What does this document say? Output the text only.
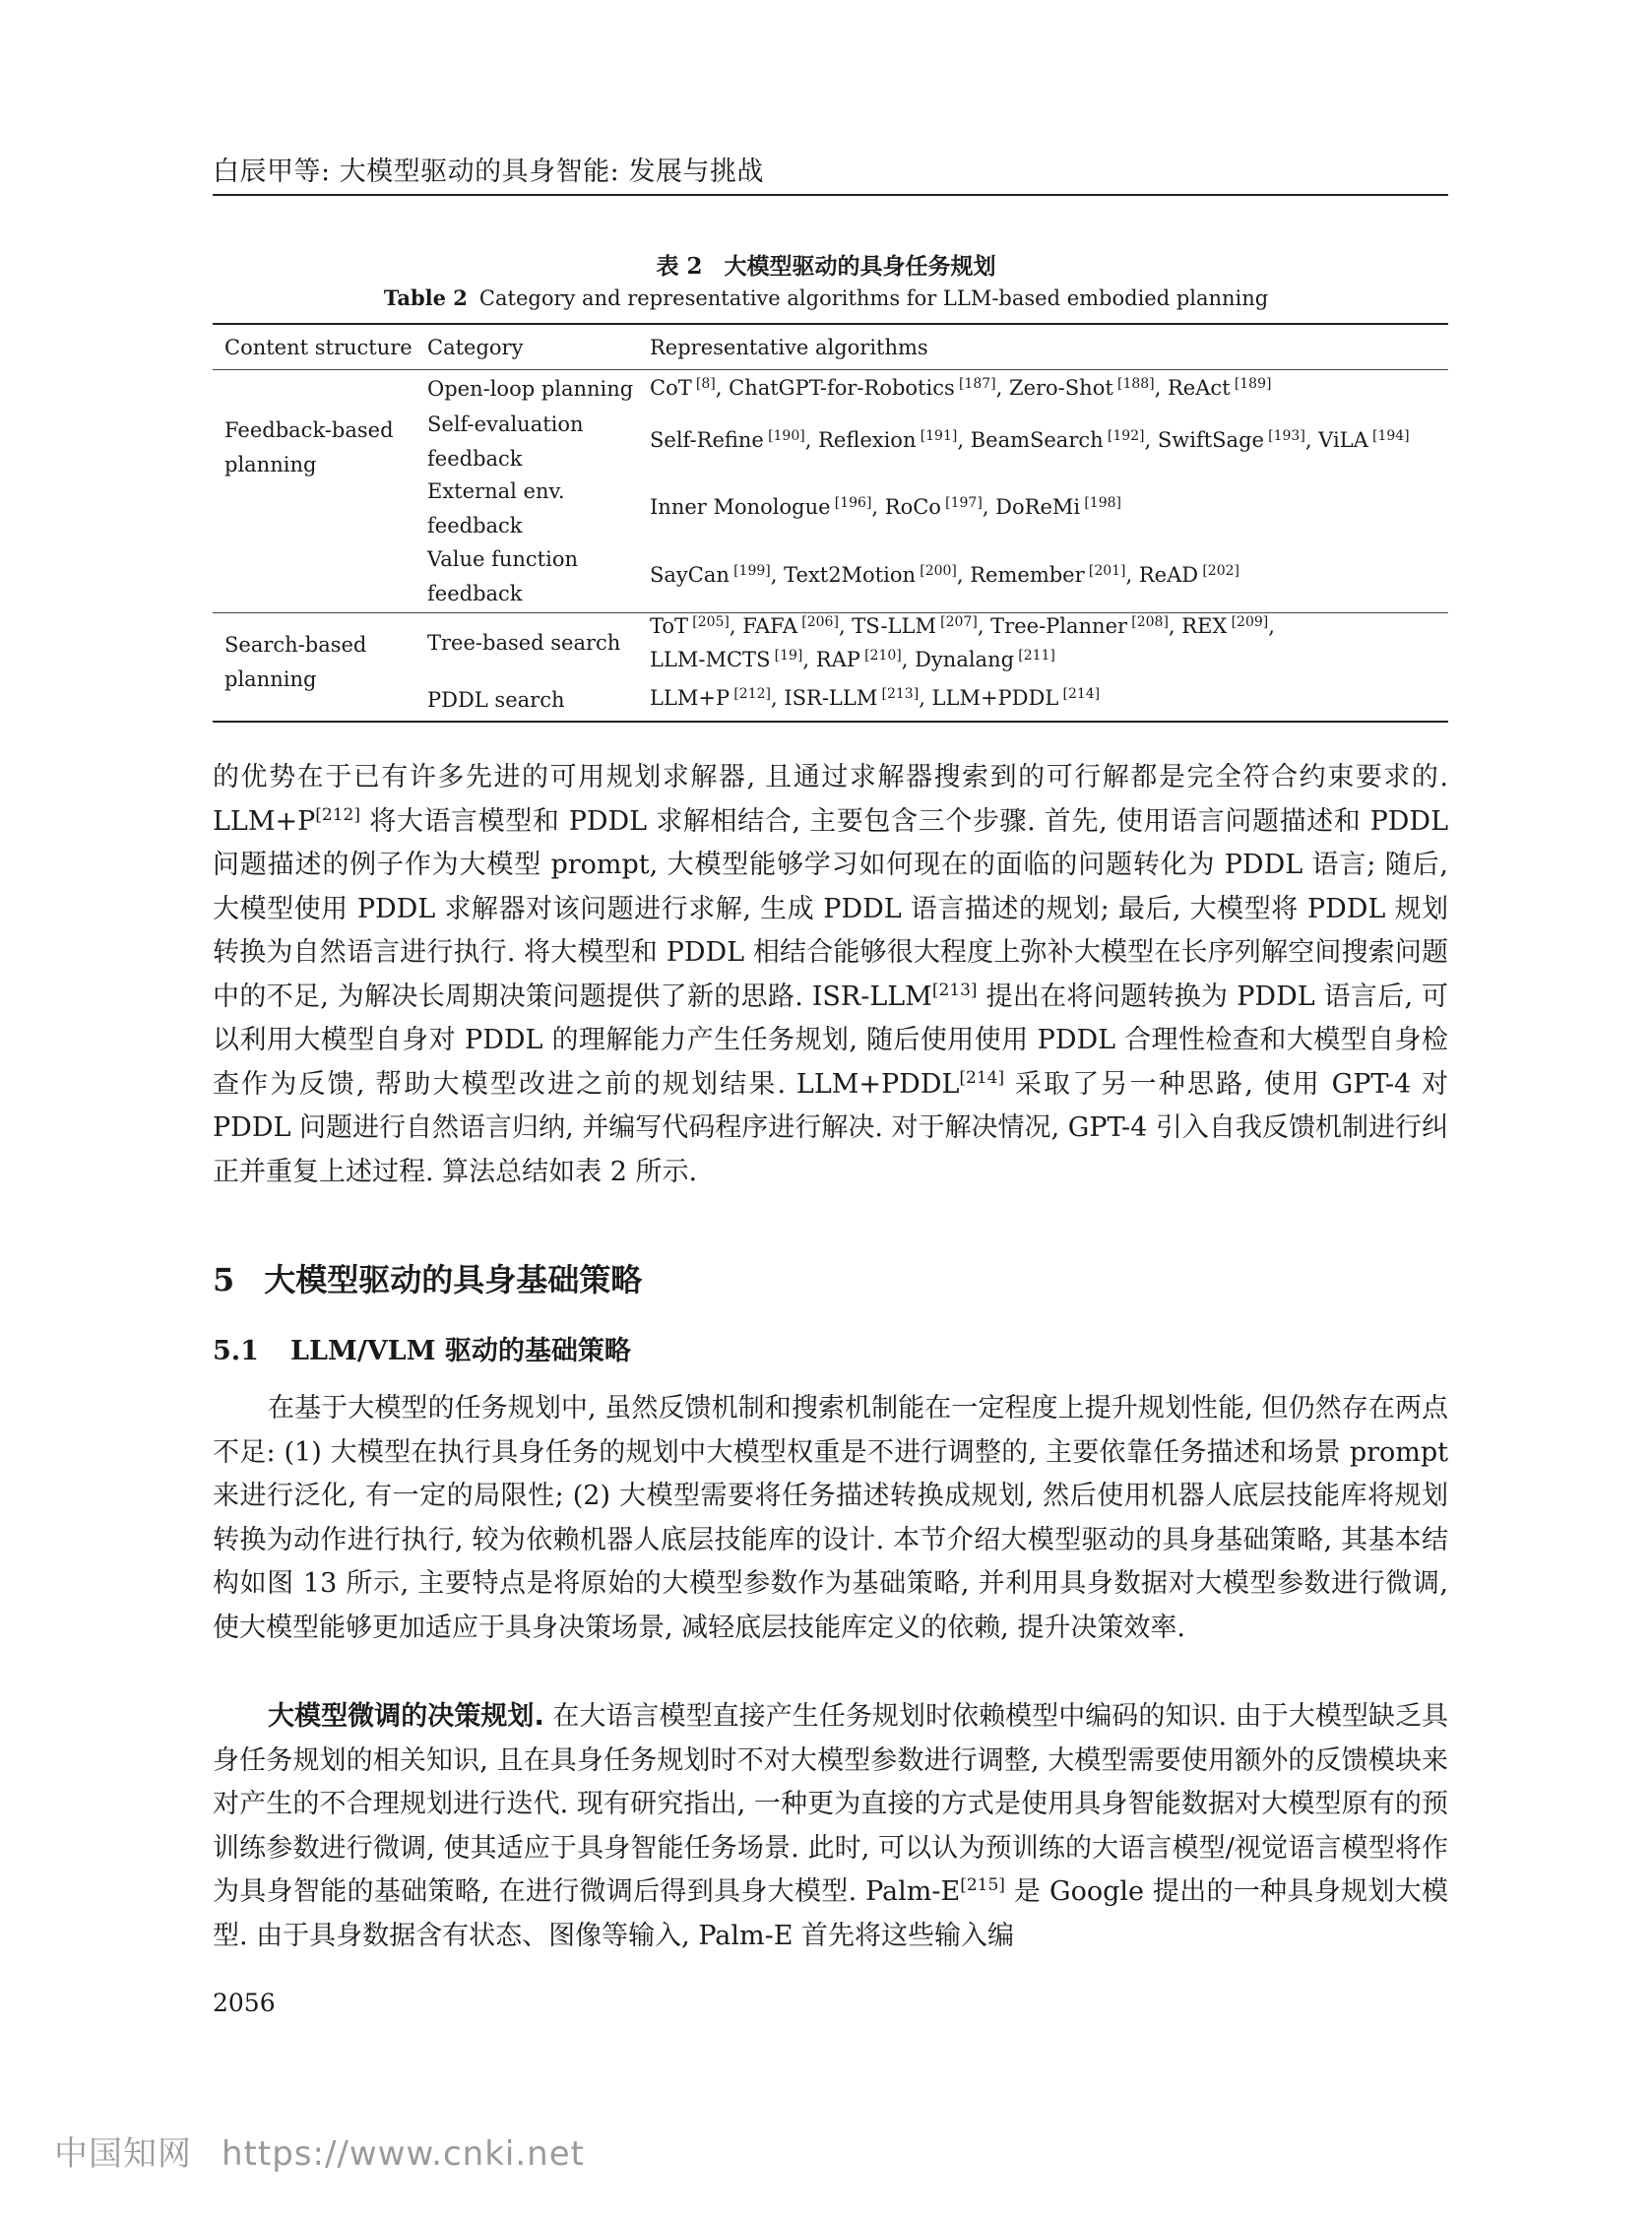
白辰甲等: 大模型驱动的具身智能: 发展与挑战
表 2 大模型驱动的具身任务规划
Table 2 Category and representative algorithms for LLM-based embodied planning
Content structure Category	Representative algorithms
Feedback-based
planning
Open-loop planning CoT  [8], ChatGPT-for-Robotics  [187], Zero-Shot  [188], ReAct  [189]
Self-evaluation
feedback
Self-Refine  [190], Reflexion  [191], BeamSearch  [192], SwiftSage  [193], ViLA  [194]
External env.
feedback
Inner Monologue  [196], RoCo  [197], DoReMi  [198]
Value function
feedback
SayCan  [199], Text2Motion  [200], Remember  [201], ReAD  [202]
Search-based
planning
Tree-based search
ToT  [205], FAFA  [206], TS-LLM  [207], Tree-Planner  [208], REX  [209],
LLM-MCTS  [19], RAP  [210], Dynalang  [211]
PDDL search	LLM+P  [212], ISR-LLM  [213], LLM+PDDL  [214]
的优势在于已有许多先进的可用规划求解器, 且通过求解器搜索到的可行解都是完全符合约束要求的. LLM+P[212] 将大语言模型和 PDDL 求解相结合, 主要包含三个步骤. 首先, 使用语言问题描述和 PDDL 问题描述的例子作为大模型 prompt, 大模型能够学习如何现在的面临的问题转化为 PDDL 语言; 随后, 大模型使用 PDDL 求解器对该问题进行求解, 生成 PDDL 语言描述的规划; 最后, 大模型将 PDDL 规划转换为自然语言进行执行. 将大模型和 PDDL 相结合能够很大程度上弥补大模型在长序列解空间搜索问题中的不足, 为解决长周期决策问题提供了新的思路. ISR-LLM[213] 提出在将问题转换为 PDDL 语言后, 可以利用大模型自身对 PDDL 的理解能力产生任务规划, 随后使用使用 PDDL 合理性检查和大模型自身检查作为反馈, 帮助大模型改进之前的规划结果. LLM+PDDL[214] 采取了另一种思路, 使用 GPT-4 对 PDDL 问题进行自然语言归纳, 并编写代码程序进行解决. 对于解决情况, GPT-4 引入自我反馈机制进行纠正并重复上述过程. 算法总结如表 2 所示.
5 大模型驱动的具身基础策略
5.1 LLM/VLM 驱动的基础策略
在基于大模型的任务规划中, 虽然反馈机制和搜索机制能在一定程度上提升规划性能, 但仍然存在两点不足: (1) 大模型在执行具身任务的规划中大模型权重是不进行调整的, 主要依靠任务描述和场景 prompt 来进行泛化, 有一定的局限性; (2) 大模型需要将任务描述转换成规划, 然后使用机器人底层技能库将规划转换为动作进行执行, 较为依赖机器人底层技能库的设计. 本节介绍大模型驱动的具身基础策略, 其基本结构如图 13 所示, 主要特点是将原始的大模型参数作为基础策略, 并利用具身数据对大模型参数进行微调, 使大模型能够更加适应于具身决策场景, 减轻底层技能库定义的依赖, 提升决策效率.
大模型微调的决策规划. 在大语言模型直接产生任务规划时依赖模型中编码的知识. 由于大模型缺乏具身任务规划的相关知识, 且在具身任务规划时不对大模型参数进行调整, 大模型需要使用额外的反馈模块来对产生的不合理规划进行迭代. 现有研究指出, 一种更为直接的方式是使用具身智能数据对大模型原有的预训练参数进行微调, 使其适应于具身智能任务场景. 此时, 可以认为预训练的大语言模型/视觉语言模型将作为具身智能的基础策略, 在进行微调后得到具身大模型. Palm-E[215] 是 Google 提出的一种具身规划大模型. 由于具身数据含有状态、图像等输入, Palm-E 首先将这些输入编
2056
中国知网 https://www.cnki.net
